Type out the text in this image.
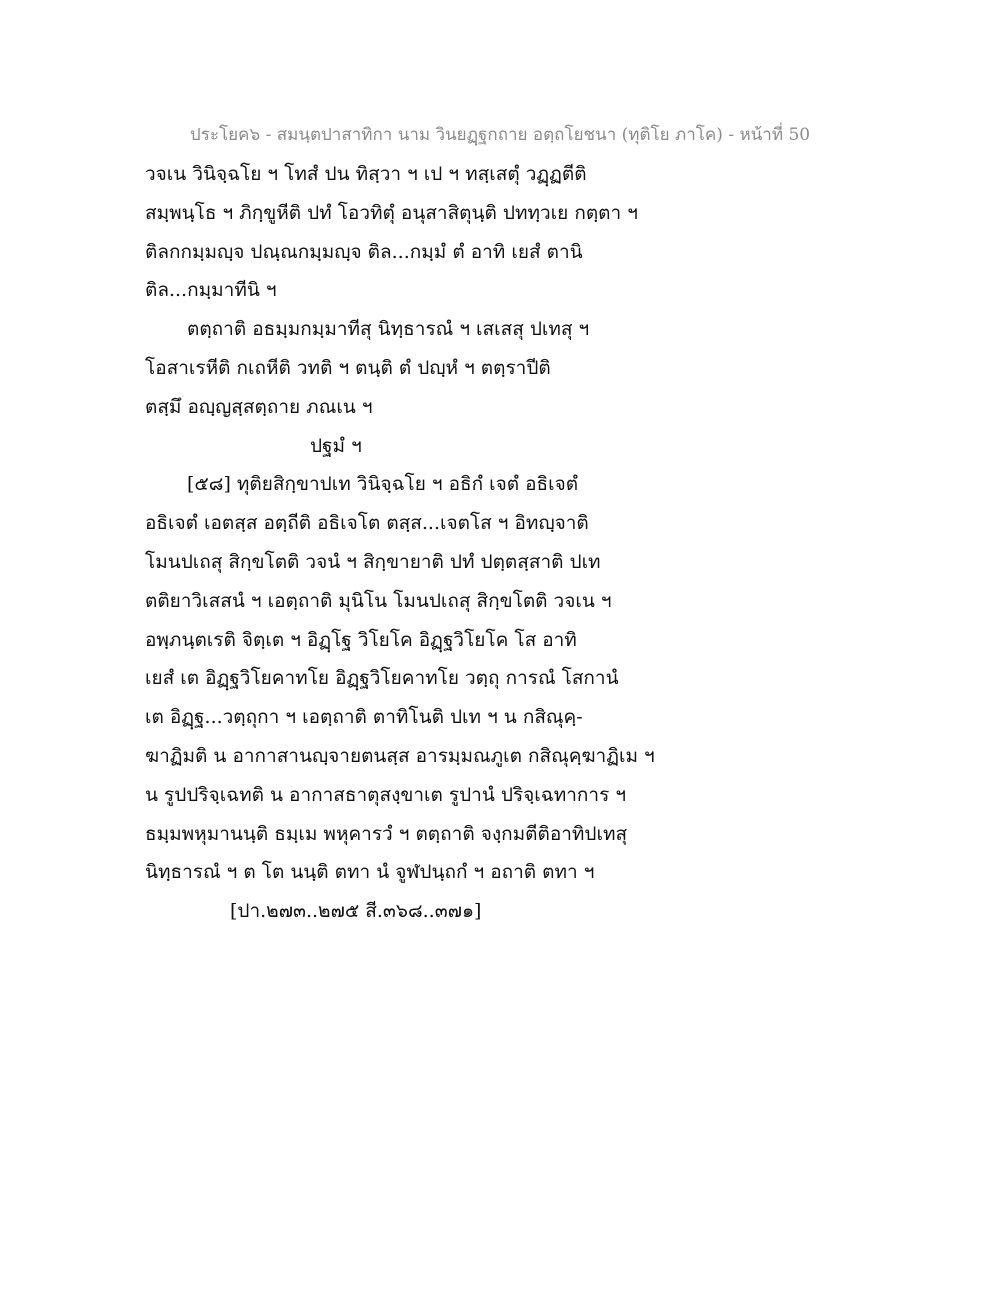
ประโยค๖ - สมนฺตปาสาทิกา นาม วินยฏฺฐกถาย อตฺถโยชนา (ทุติโย ภาโค) - หน้าที่ 50
วจเน วินิจฺฉโย ฯ โทสํ ปน ทิสฺวา ฯ เป ฯ ทสฺเสตุํ วฏฺฏตีติ
สมฺพนฺโธ ฯ ภิกฺขูหีติ ปทํ โอวทิตุํ อนุสาสิตุนฺติ ปททฺวเย กตฺตา ฯ
ติลกกมฺมญฺจ ปณฺณกมฺมญฺจ ติล...กมฺมํ ตํ อาทิ เยสํ ตานิ
ติล...กมฺมาทีนิ ฯ
ตตฺถาติ อธมฺมกมฺมาทีสุ นิทฺธารณํ ฯ เสเสสุ ปเทสุ ฯ
โอสาเรหีติ กเถหีติ วทติ ฯ ตนฺติ ตํ ปญฺหํ ฯ ตตฺราปีติ
ตสฺมึ อญฺญสฺสตฺถาย ภณเน ฯ
ปฐมํ ฯ
[๕๘] ทุติยสิกฺขาปเท วินิจฺฉโย ฯ อธิกํ เจตํ อธิเจตํ
อธิเจตํ เอตสฺส อตฺถีติ อธิเจโต ตสฺส...เจตโส ฯ อิทญฺจาติ
โมนปเถสุ สิกฺขโตติ วจนํ ฯ สิกฺขายาติ ปทํ ปตฺตสฺสาติ ปเท
ตติยาวิเสสนํ ฯ เอตฺถาติ มุนิโน โมนปเถสุ สิกฺขโตติ วจเน ฯ
อพฺภนฺตเรติ จิตฺเต ฯ อิฏฺโฐ วิโยโค อิฏฺฐวิโยโค โส อาทิ
เยสํ เต อิฏฺฐวิโยคาทโย อิฏฺฐวิโยคาทโย วตฺถุ การณํ โสกานํ
เต อิฏฺฐ...วตฺถุกา ฯ เอตฺถาติ ตาทิโนติ ปเท ฯ น กสิณุคฺ-
ฆาฏิมติ น อากาสานญฺจายตนสฺส อารมฺมณภูเต กสิณุคฺฆาฏิเม ฯ
น รูปปริจฺเฉทติ น อากาสธาตุสงฺขาเต รูปานํ ปริจฺเฉทาการ ฯ
ธมฺมพหุมานนฺติ ธมฺเม พหุคารวํ ฯ ตตฺถาติ จงฺกมตีติอาทิปเทสุ
นิทฺธารณํ ฯ ต โต นนฺติ ตทา นํ จูฬปนฺถกํ ฯ อถาติ ตทา ฯ
[ปา.๒๗๓..๒๗๕ สี.๓๖๘..๓๗๑]
